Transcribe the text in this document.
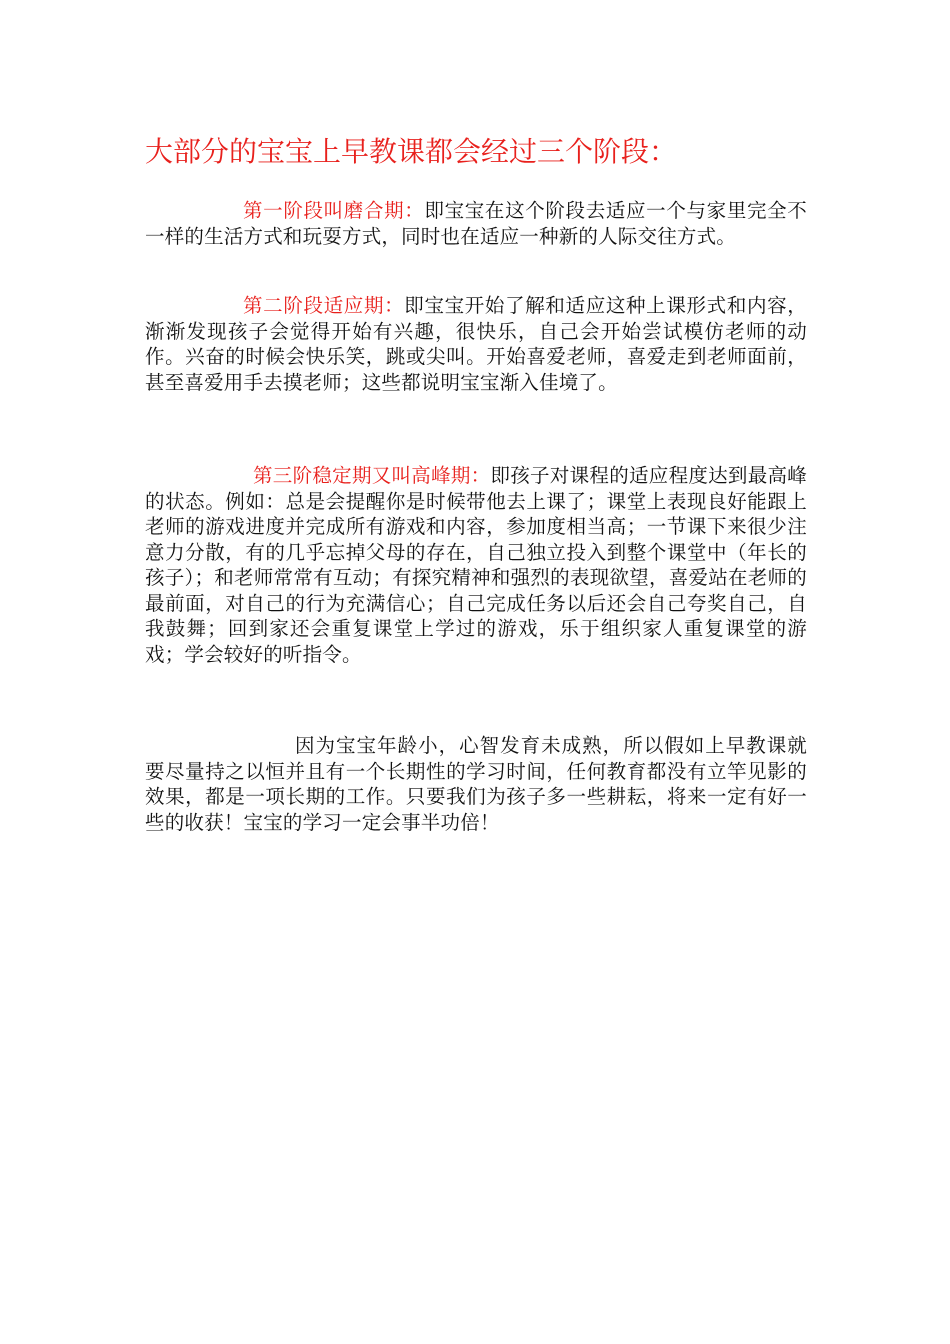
大部分的宝宝上早教课都会经过三个阶段：

第一阶段叫磨合期：即宝宝在这个阶段去适应一个与家里完全不一样的生活方式和玩耍方式，同时也在适应一种新的人际交往方式。

第二阶段适应期：即宝宝开始了解和适应这种上课形式和内容，渐渐发现孩子会觉得开始有兴趣，很快乐，自己会开始尝试模仿老师的动作。兴奋的时候会快乐笑，跳或尖叫。开始喜爱老师，喜爱走到老师面前，甚至喜爱用手去摸老师；这些都说明宝宝渐入佳境了。

第三阶稳定期又叫高峰期：即孩子对课程的适应程度达到最高峰的状态。例如：总是会提醒你是时候带他去上课了；课堂上表现良好能跟上老师的游戏进度并完成所有游戏和内容，参加度相当高；一节课下来很少注意力分散，有的几乎忘掉父母的存在，自己独立投入到整个课堂中（年长的孩子）；和老师常常有互动；有探究精神和强烈的表现欲望，喜爱站在老师的最前面，对自己的行为充满信心；自己完成任务以后还会自己夸奖自己，自我鼓舞；回到家还会重复课堂上学过的游戏，乐于组织家人重复课堂的游戏；学会较好的听指令。

因为宝宝年龄小，心智发育未成熟，所以假如上早教课就要尽量持之以恒并且有一个长期性的学习时间，任何教育都没有立竿见影的效果，都是一项长期的工作。只要我们为孩子多一些耕耘，将来一定有好一些的收获！宝宝的学习一定会事半功倍！
